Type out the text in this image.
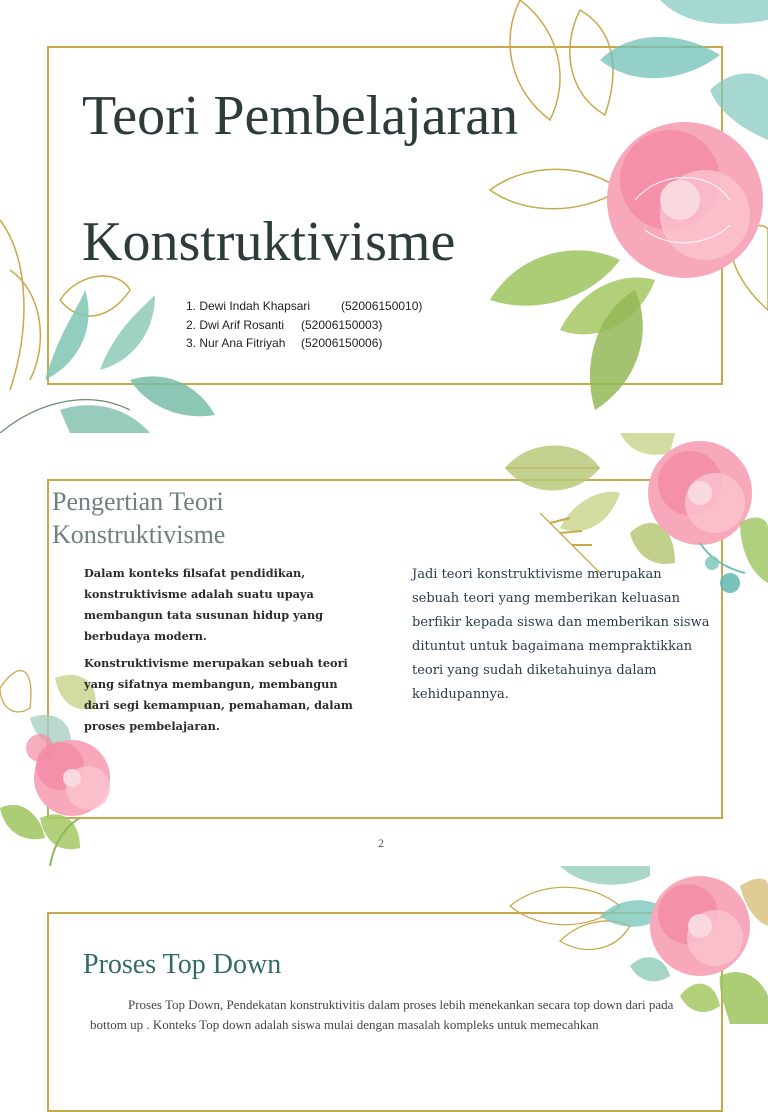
Teori Pembelajaran
Konstruktivisme
1. Dewi Indah Khapsari	(52006150010)
2. Dwi Arif Rosanti (52006150003)
3. Nur Ana Fitriyah (52006150006)
Pengertian Teori
Konstruktivisme

Dalam konteks filsafat pendidikan, konstruktivisme adalah suatu upaya membangun tata susunan hidup yang berbudaya modern.

Konstruktivisme merupakan sebuah teori yang sifatnya membangun, membangun dari segi kemampuan, pemahaman, dalam proses pembelajaran.

Jadi teori konstruktivisme merupakan sebuah teori yang memberikan keluasan berfikir kepada siswa dan memberikan siswa dituntut untuk bagaimana mempraktikkan teori yang sudah diketahuinya dalam kehidupannya.
2
Proses Top Down
Proses Top Down, Pendekatan konstruktivitis dalam proses lebih menekankan secara top down dari pada bottom up . Konteks Top down adalah siswa mulai dengan masalah kompleks untuk memecahkan
